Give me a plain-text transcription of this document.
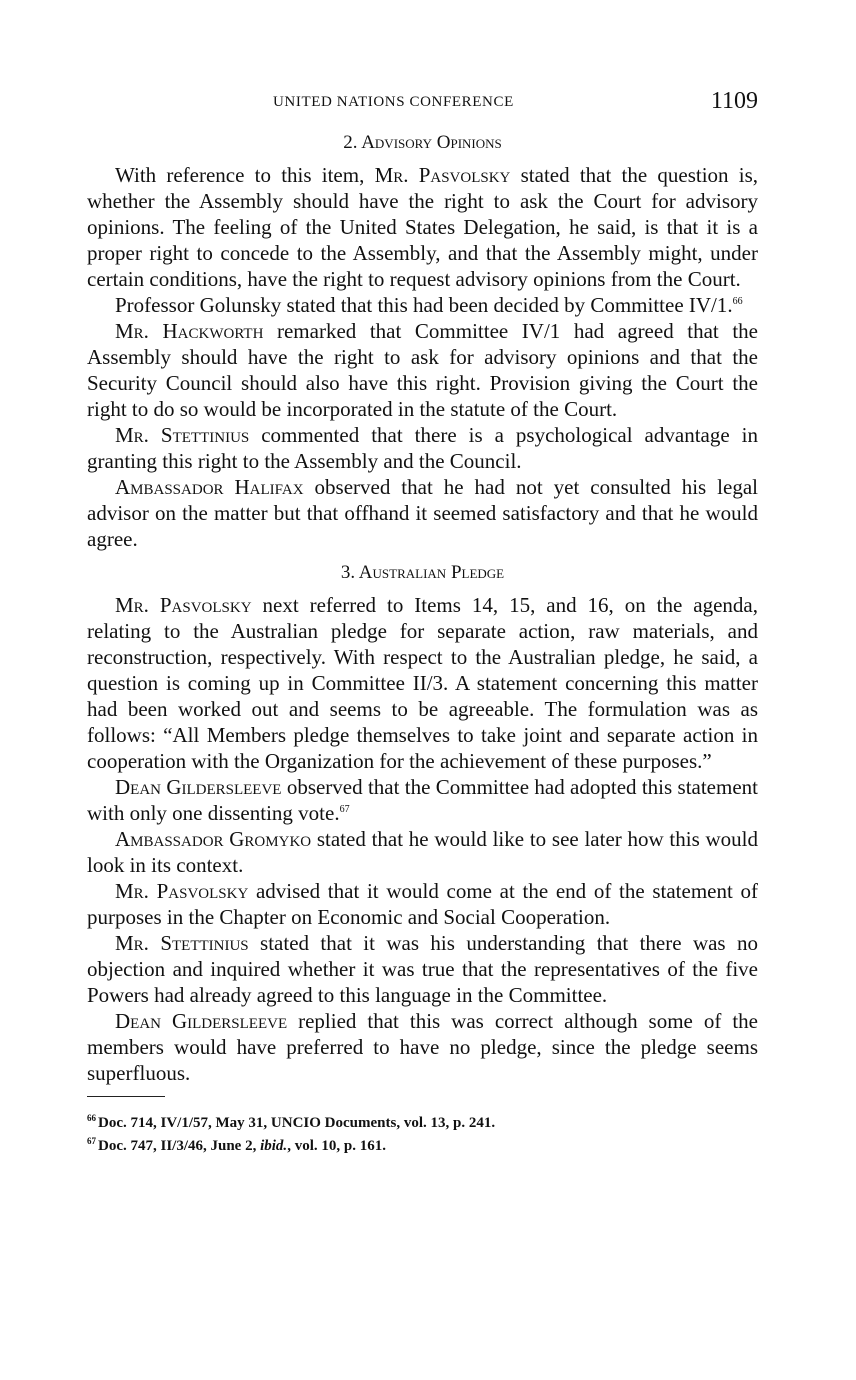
UNITED NATIONS CONFERENCE	1109
2. Advisory Opinions

With reference to this item, Mr. Pasvolsky stated that the question is, whether the Assembly should have the right to ask the Court for advisory opinions. The feeling of the United States Delegation, he said, is that it is a proper right to concede to the Assembly, and that the Assembly might, under certain conditions, have the right to request advisory opinions from the Court.

Professor Golunsky stated that this had been decided by Committee IV/1.66

Mr. Hackworth remarked that Committee IV/1 had agreed that the Assembly should have the right to ask for advisory opinions and that the Security Council should also have this right. Provision giving the Court the right to do so would be incorporated in the statute of the Court.

Mr. Stettinius commented that there is a psychological advantage in granting this right to the Assembly and the Council.

Ambassador Halifax observed that he had not yet consulted his legal advisor on the matter but that offhand it seemed satisfactory and that he would agree.

3. Australian Pledge

Mr. Pasvolsky next referred to Items 14, 15, and 16, on the agenda, relating to the Australian pledge for separate action, raw materials, and reconstruction, respectively. With respect to the Australian pledge, he said, a question is coming up in Committee II/3. A statement concerning this matter had been worked out and seems to be agreeable. The formulation was as follows: “All Members pledge themselves to take joint and separate action in cooperation with the Organization for the achievement of these purposes.”

Dean Gildersleeve observed that the Committee had adopted this statement with only one dissenting vote.$^{67}$

Ambassador Gromyko stated that he would like to see later how this would look in its context.

Mr. Pasvolsky advised that it would come at the end of the statement of purposes in the Chapter on Economic and Social Cooperation.

Mr. Stettinius stated that it was his understanding that there was no objection and inquired whether it was true that the representatives of the five Powers had already agreed to this language in the Committee.

Dean Gildersleeve replied that this was correct although some of the members would have preferred to have no pledge, since the pledge seems superfluous.

$^{66}$ Doc. 714, IV/1/57, May 31, UNCIO Documents, vol. 13, p. 241.
$^{67}$ Doc. 747, II/3/46, June 2, ibid., vol. 10, p. 161.
